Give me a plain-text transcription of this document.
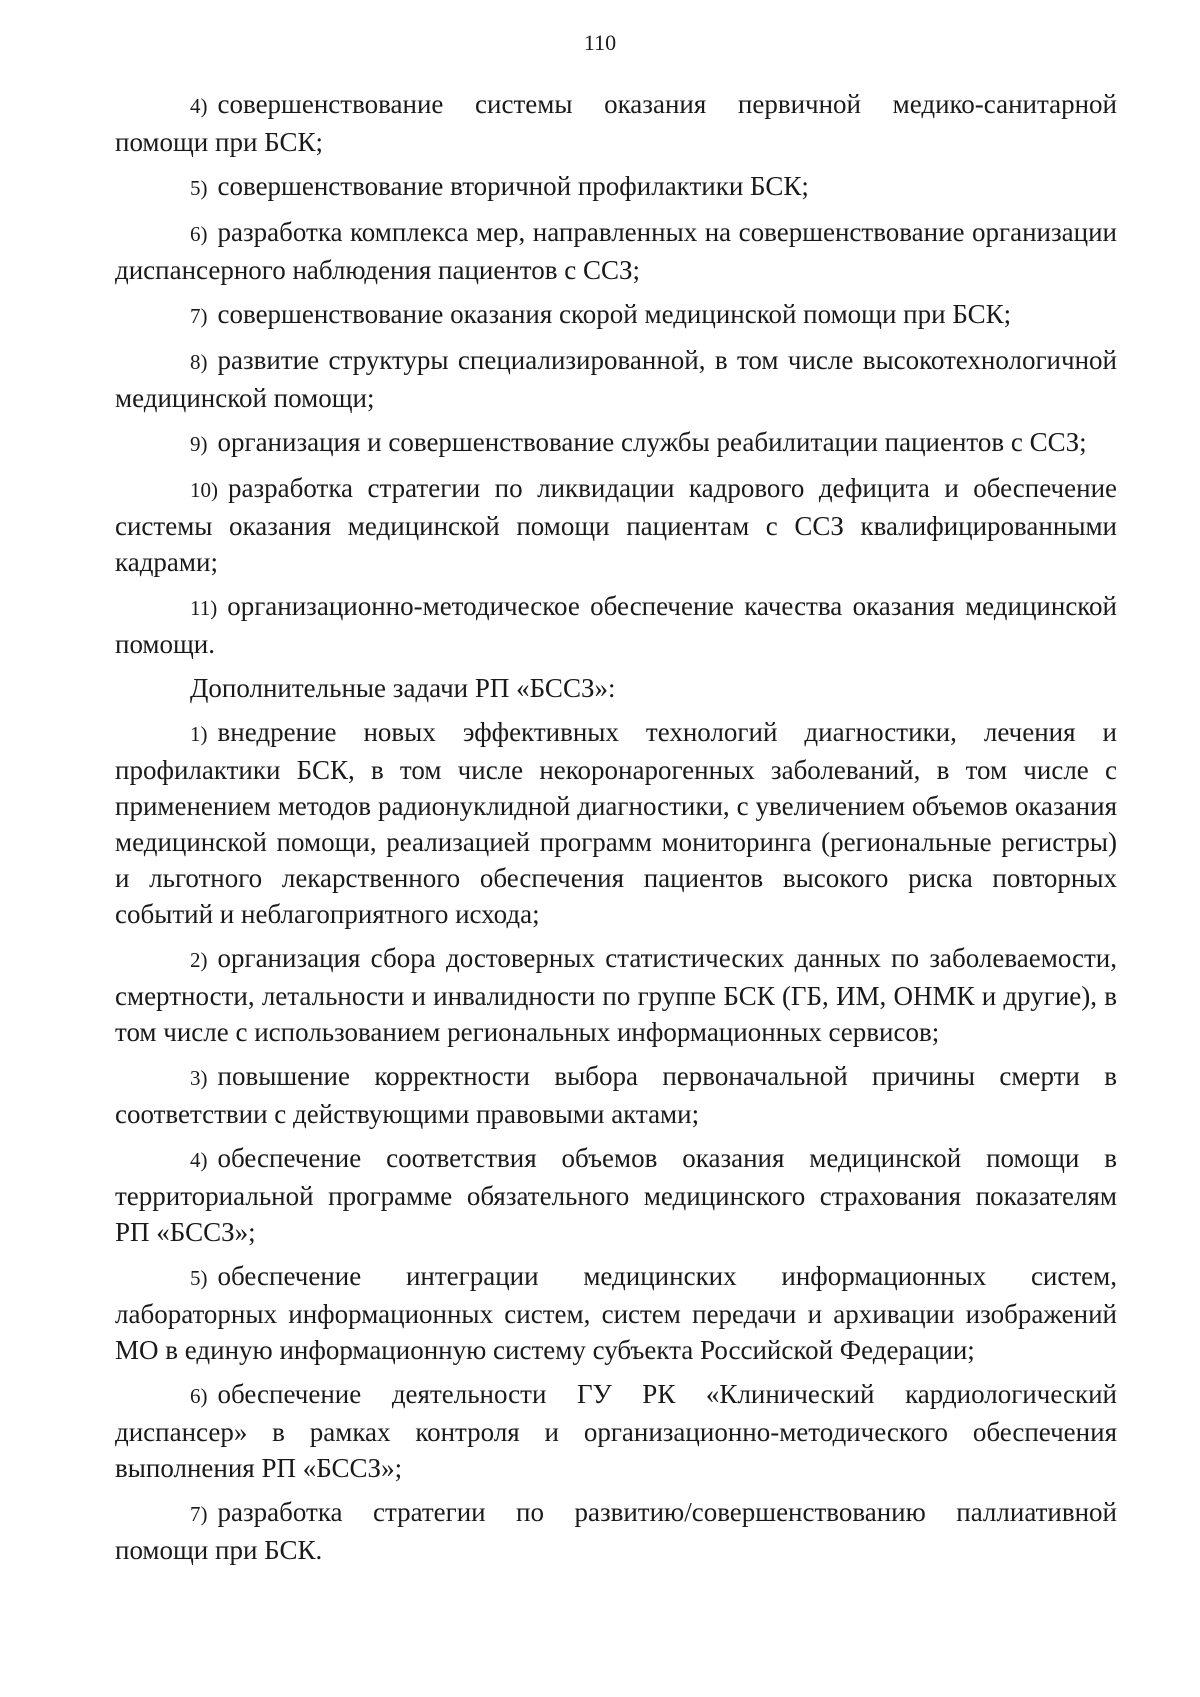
110

4) совершенствование системы оказания первичной медико-санитарной помощи при БСК;

5) совершенствование вторичной профилактики БСК;

6) разработка комплекса мер, направленных на совершенствование организации диспансерного наблюдения пациентов с ССЗ;

7) совершенствование оказания скорой медицинской помощи при БСК;

8) развитие структуры специализированной, в том числе высокотехнологичной медицинской помощи;

9) организация и совершенствование службы реабилитации пациентов с ССЗ;

10) разработка стратегии по ликвидации кадрового дефицита и обеспечение системы оказания медицинской помощи пациентам с ССЗ квалифицированными кадрами;

11) организационно-методическое обеспечение качества оказания медицинской помощи.

Дополнительные задачи РП «БССЗ»:

1) внедрение новых эффективных технологий диагностики, лечения и профилактики БСК, в том числе некоронарогенных заболеваний, в том числе с применением методов радионуклидной диагностики, с увеличением объемов оказания медицинской помощи, реализацией программ мониторинга (региональные регистры) и льготного лекарственного обеспечения пациентов высокого риска повторных событий и неблагоприятного исхода;

2) организация сбора достоверных статистических данных по заболеваемости, смертности, летальности и инвалидности по группе БСК (ГБ, ИМ, ОНМК и другие), в том числе с использованием региональных информационных сервисов;

3) повышение корректности выбора первоначальной причины смерти в соответствии с действующими правовыми актами;

4) обеспечение соответствия объемов оказания медицинской помощи в территориальной программе обязательного медицинского страхования показателям РП «БССЗ»;

5) обеспечение интеграции медицинских информационных систем, лабораторных информационных систем, систем передачи и архивации изображений МО в единую информационную систему субъекта Российской Федерации;

6) обеспечение деятельности ГУ РК «Клинический кардиологический диспансер» в рамках контроля и организационно-методического обеспечения выполнения РП «БССЗ»;

7) разработка стратегии по развитию/совершенствованию паллиативной помощи при БСК.
